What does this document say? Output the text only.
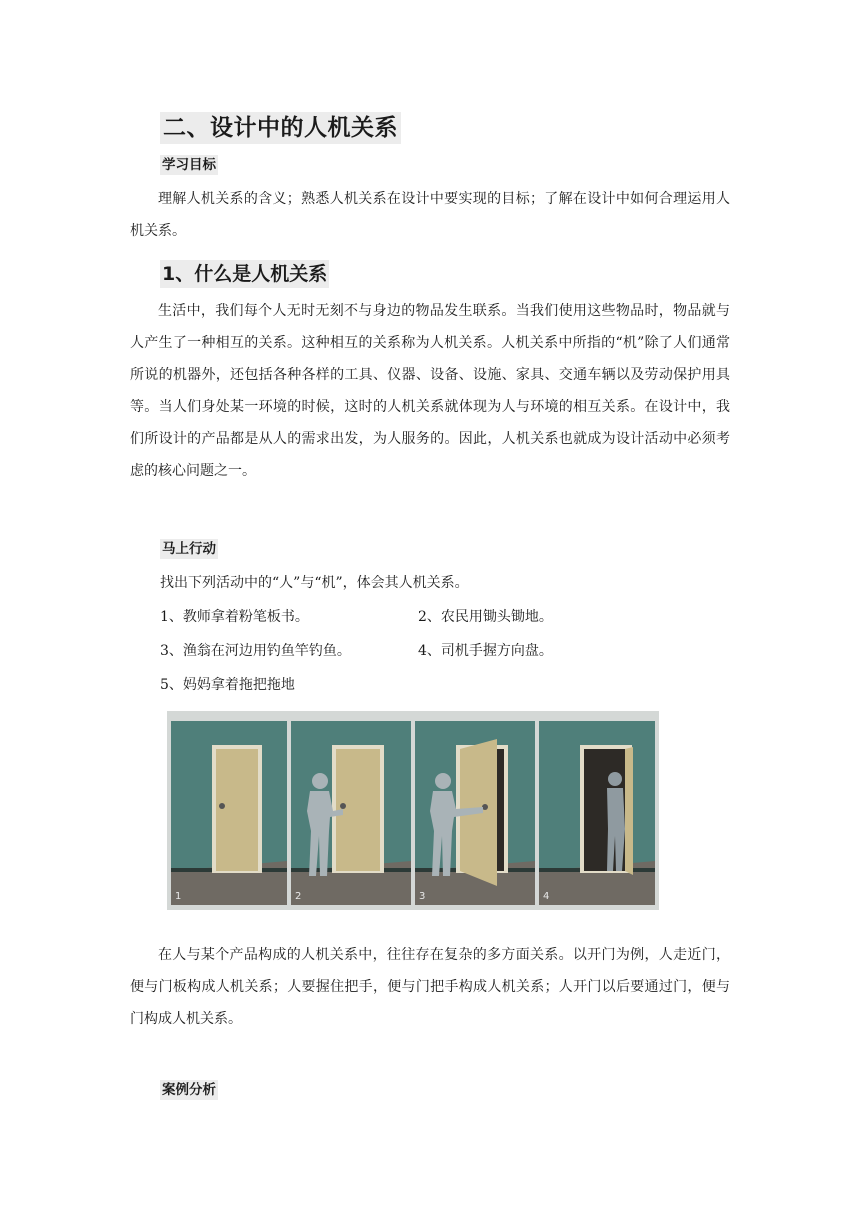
二、设计中的人机关系
学习目标

理解人机关系的含义；熟悉人机关系在设计中要实现的目标；了解在设计中如何合理运用人机关系。

1、什么是人机关系

生活中，我们每个人无时无刻不与身边的物品发生联系。当我们使用这些物品时，物品就与人产生了一种相互的关系。这种相互的关系称为人机关系。人机关系中所指的“机”除了人们通常所说的机器外，还包括各种各样的工具、仪器、设备、设施、家具、交通车辆以及劳动保护用具等。当人们身处某一环境的时候，这时的人机关系就体现为人与环境的相互关系。在设计中，我们所设计的产品都是从人的需求出发，为人服务的。因此，人机关系也就成为设计活动中必须考虑的核心问题之一。

马上行动
找出下列活动中的“人”与“机”，体会其人机关系。
1、教师拿着粉笔板书。	2、农民用锄头锄地。
3、渔翁在河边用钓鱼竿钓鱼。	4、司机手握方向盘。
5、妈妈拿着拖把拖地
1	2	3	4

在人与某个产品构成的人机关系中，往往存在复杂的多方面关系。以开门为例，人走近门，便与门板构成人机关系；人要握住把手，便与门把手构成人机关系；人开门以后要通过门，便与门构成人机关系。

案例分析
